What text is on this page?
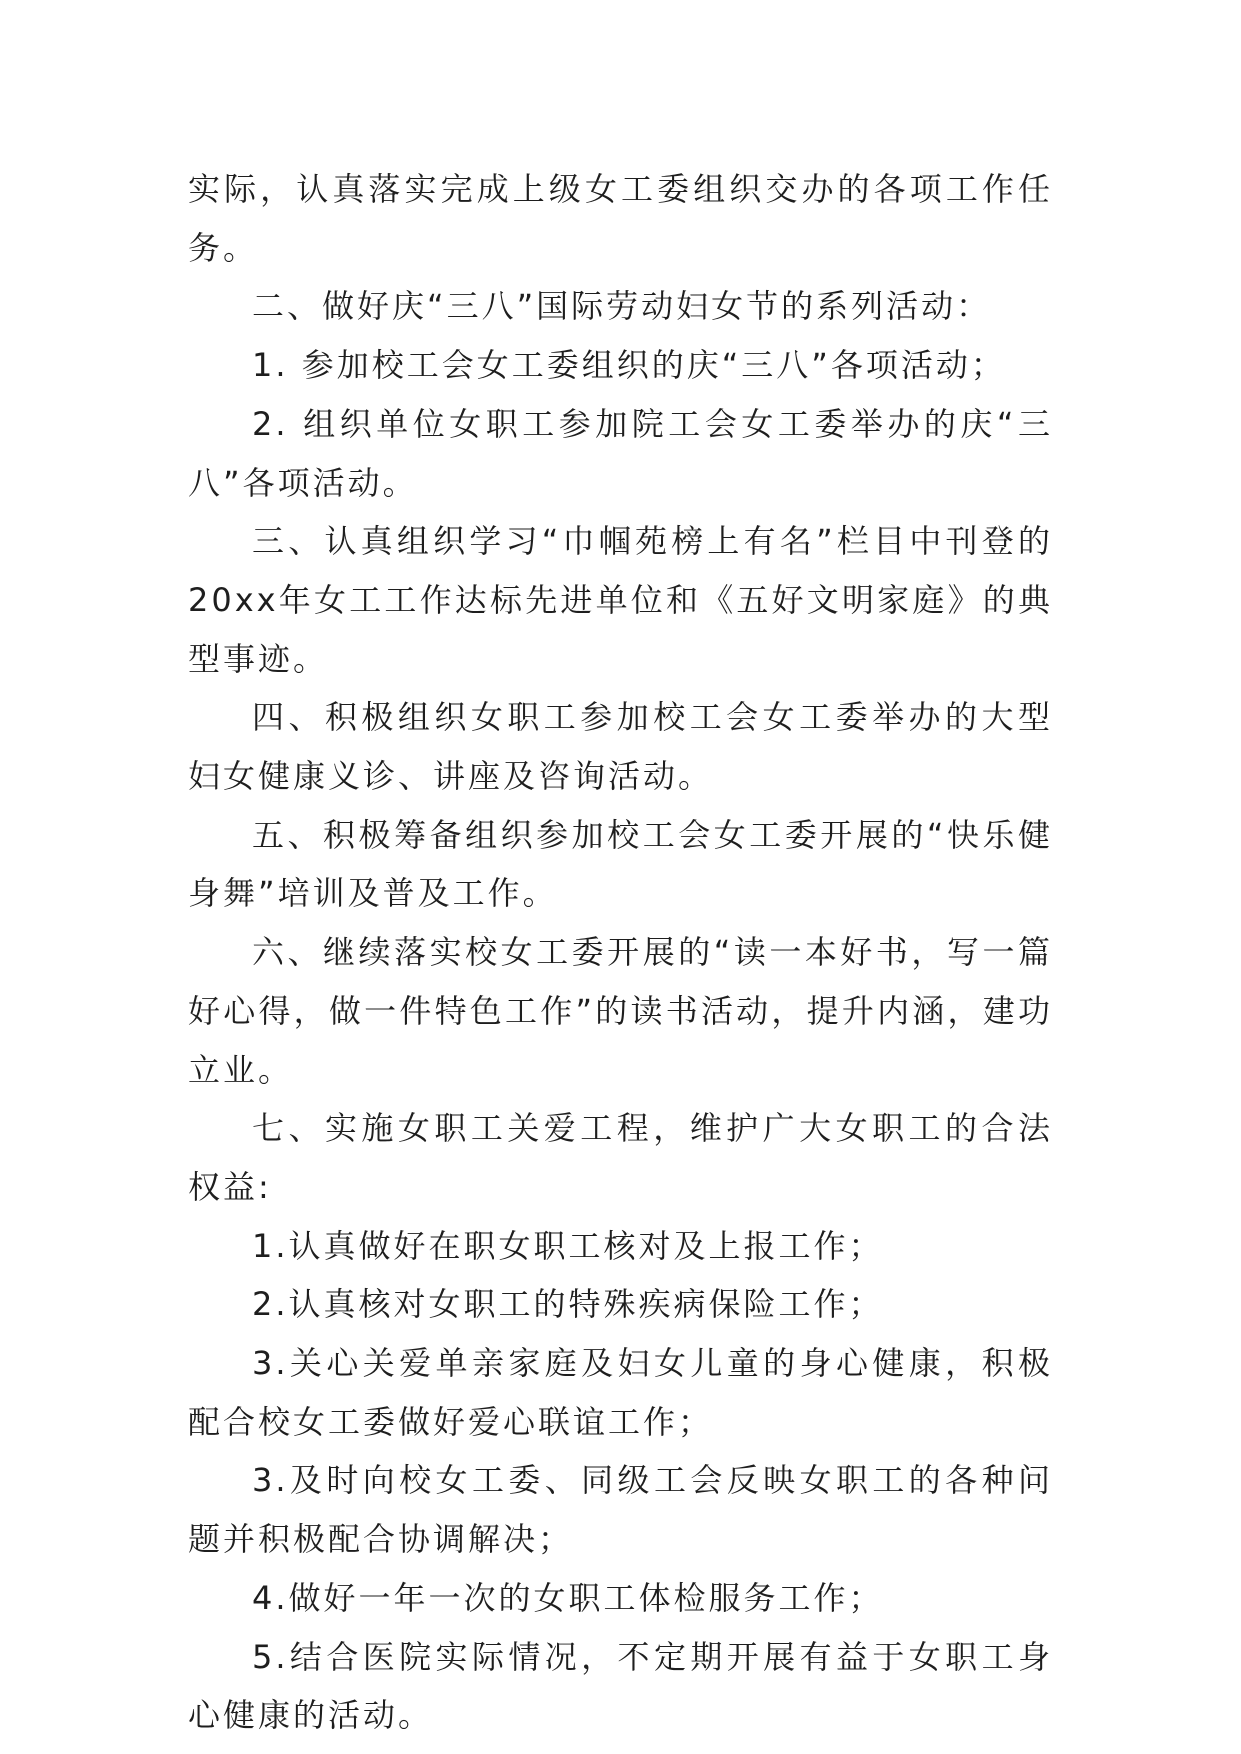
实际，认真落实完成上级女工委组织交办的各项工作任务。

二、做好庆“三八”国际劳动妇女节的系列活动：

1. 参加校工会女工委组织的庆“三八”各项活动；

2. 组织单位女职工参加院工会女工委举办的庆“三八”各项活动。

三、认真组织学习“巾帼苑榜上有名”栏目中刊登的20xx年女工工作达标先进单位和《五好文明家庭》的典型事迹。

四、积极组织女职工参加校工会女工委举办的大型妇女健康义诊、讲座及咨询活动。

五、积极筹备组织参加校工会女工委开展的“快乐健身舞”培训及普及工作。

六、继续落实校女工委开展的“读一本好书，写一篇好心得，做一件特色工作”的读书活动，提升内涵，建功立业。

七、实施女职工关爱工程，维护广大女职工的合法权益:

1.认真做好在职女职工核对及上报工作；

2.认真核对女职工的特殊疾病保险工作；

3.关心关爱单亲家庭及妇女儿童的身心健康，积极配合校女工委做好爱心联谊工作；

3.及时向校女工委、同级工会反映女职工的各种问题并积极配合协调解决；

4.做好一年一次的女职工体检服务工作；

5.结合医院实际情况，不定期开展有益于女职工身心健康的活动。
